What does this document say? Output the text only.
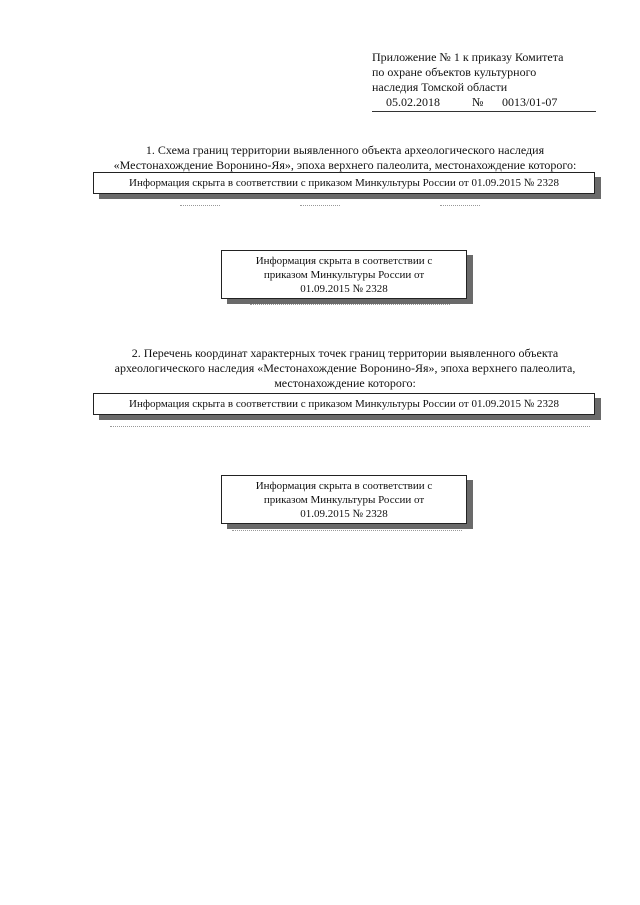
Приложение № 1 к приказу Комитета
по охране объектов культурного
наследия Томской области
05.02.2018	№ 0013/01-07
1. Схема границ территории выявленного объекта археологического наследия
«Местонахождение Воронино-Яя», эпоха верхнего палеолита, местонахождение которого:
Информация скрыта в соответствии с приказом Минкультуры России от 01.09.2015 № 2328
Информация скрыта в соответствии с
приказом Минкультуры России от
01.09.2015 № 2328
2. Перечень координат характерных точек границ территории выявленного объекта
археологического наследия «Местонахождение Воронино-Яя», эпоха верхнего палеолита,
местонахождение которого:
Информация скрыта в соответствии с приказом Минкультуры России от 01.09.2015 № 2328
Информация скрыта в соответствии с
приказом Минкультуры России от
01.09.2015 № 2328
